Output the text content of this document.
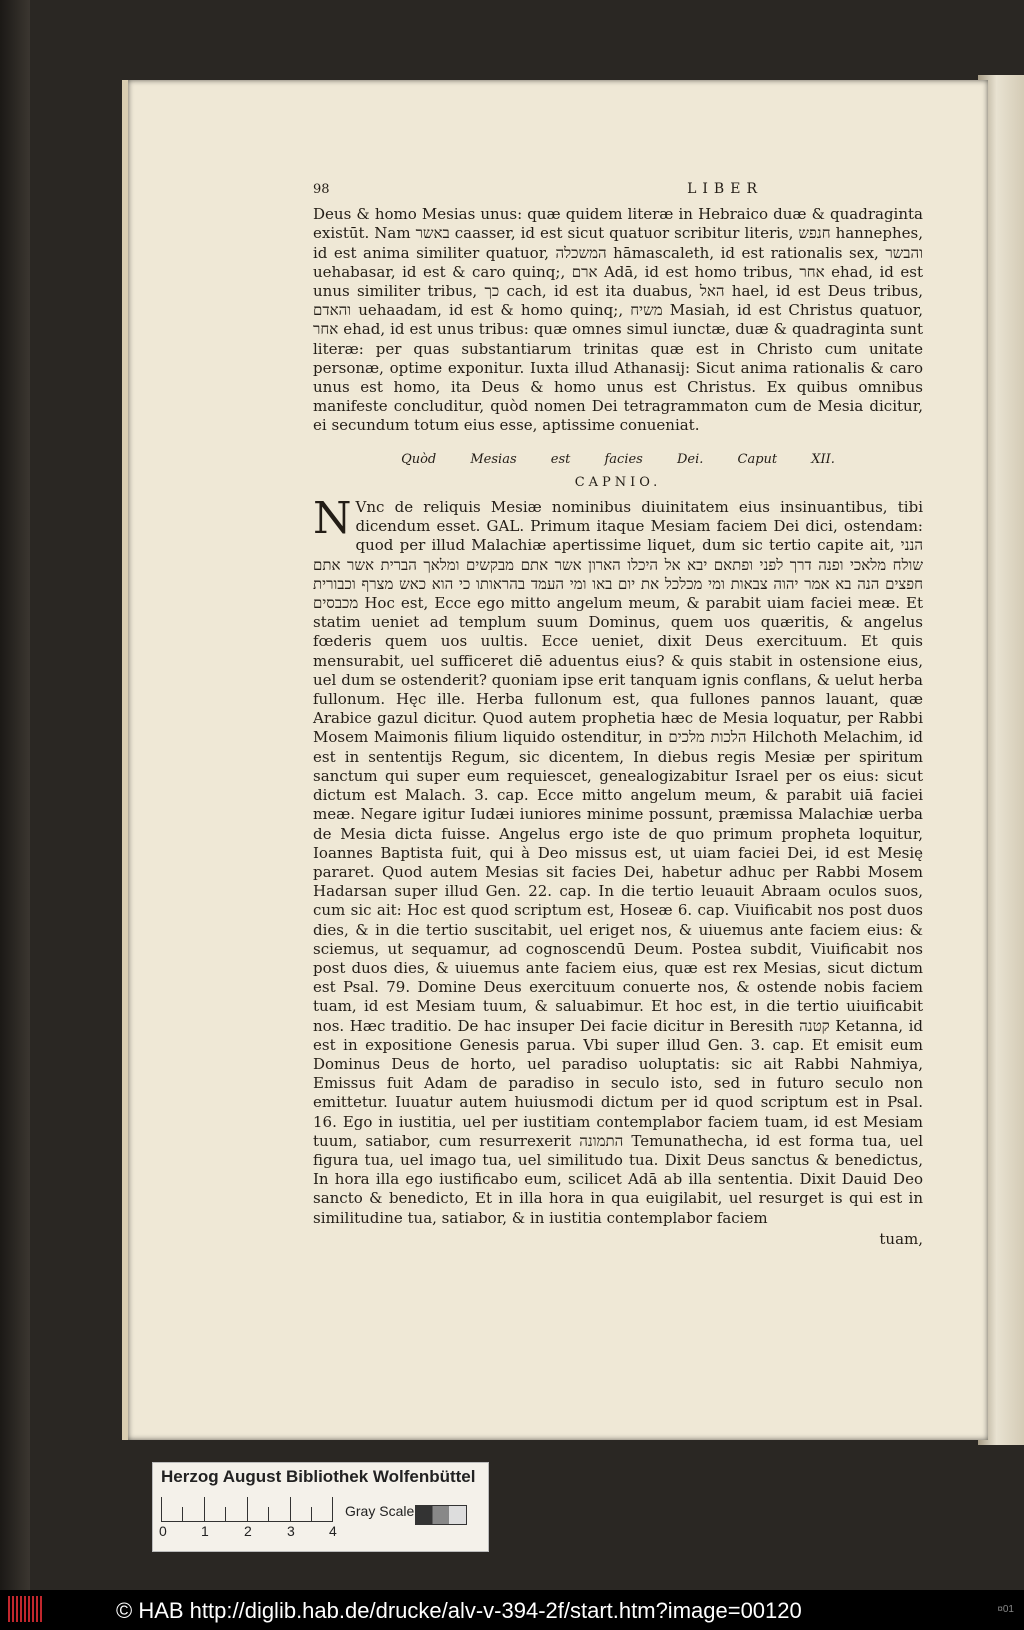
98	LIBER

Deus & homo Mesias unus: quæ quidem literæ in Hebraico duæ & quadraginta existūt. Nam באשר caasser, id est sicut quatuor scribitur literis, חנפש hannephes, id est anima similiter quatuor, המשכלה hāmascaleth, id est rationalis sex, והבשר uehabasar, id est & caro quinq;, ארם Adā, id est homo tribus, אחר ehad, id est unus similiter tribus, כך cach, id est ita duabus, האל hael, id est Deus tribus, והאדם uehaadam, id est & homo quinq;, משיח Masiah, id est Christus quatuor, אחר ehad, id est unus tribus: quæ omnes simul iunctæ, duæ & quadraginta sunt literæ: per quas substantiarum trinitas quæ est in Christo cum unitate personæ, optime exponitur. Iuxta illud Athanasij: Sicut anima rationalis & caro unus est homo, ita Deus & homo unus est Christus. Ex quibus omnibus manifeste concluditur, quòd nomen Dei tetragrammaton cum de Mesia dicitur, ei secundum totum eius esse, aptissime conueniat.

Quòd Mesias est facies Dei.	Caput XII.
CAPNIO.

N Vnc de reliquis Mesiæ nominibus diuinitatem eius insinuantibus, tibi dicendum esset. GAL. Primum itaque Mesiam faciem Dei dici, ostendam: quod per illud Malachiæ apertissime liquet, dum sic tertio capite ait, הנני שולח מלאכי ופנה דרך לפני ופתאם יבא אל היכלו הארון אשר אתם מבקשים ומלאך הברית אשר אתם חפצים הנה בא אמר יהוה צבאות ומי מכלכל את יום באו ומי העמד בהראותו כי הוא כאש מצרף וכבורית מכבסים Hoc est, Ecce ego mitto angelum meum, & parabit uiam faciei meæ. Et statim ueniet ad templum suum Dominus, quem uos quæritis, & angelus fœderis quem uos uultis. Ecce ueniet, dixit Deus exercituum. Et quis mensurabit, uel sufficeret diē aduentus eius? & quis stabit in ostensione eius, uel dum se ostenderit? quoniam ipse erit tanquam ignis conflans, & uelut herba fullonum. Hęc ille. Herba fullonum est, qua fullones pannos lauant, quæ Arabice gazul dicitur. Quod autem prophetia hæc de Mesia loquatur, per Rabbi Mosem Maimonis filium liquido ostenditur, in הלכות מלכים Hilchoth Melachim, id est in sententijs Regum, sic dicentem, In diebus regis Mesiæ per spiritum sanctum qui super eum requiescet, genealogizabitur Israel per os eius: sicut dictum est Malach. 3. cap. Ecce mitto angelum meum, & parabit uiā faciei meæ. Negare igitur Iudæi iuniores minime possunt, præmissa Malachiæ uerba de Mesia dicta fuisse. Angelus ergo iste de quo primum propheta loquitur, Ioannes Baptista fuit, qui à Deo missus est, ut uiam faciei Dei, id est Mesię pararet. Quod autem Mesias sit facies Dei, habetur adhuc per Rabbi Mosem Hadarsan super illud Gen. 22. cap. In die tertio leuauit Abraam oculos suos, cum sic ait: Hoc est quod scriptum est, Hoseæ 6. cap. Viuificabit nos post duos dies, & in die tertio suscitabit, uel eriget nos, & uiuemus ante faciem eius: & sciemus, ut sequamur, ad cognoscendū Deum. Postea subdit, Viuificabit nos post duos dies, & uiuemus ante faciem eius, quæ est rex Mesias, sicut dictum est Psal. 79. Domine Deus exercituum conuerte nos, & ostende nobis faciem tuam, id est Mesiam tuum, & saluabimur. Et hoc est, in die tertio uiuificabit nos. Hæc traditio. De hac insuper Dei facie dicitur in Beresith קטנה Ketanna, id est in expositione Genesis parua. Vbi super illud Gen. 3. cap. Et emisit eum Dominus Deus de horto, uel paradiso uoluptatis: sic ait Rabbi Nahmiya, Emissus fuit Adam de paradiso in seculo isto, sed in futuro seculo non emittetur. Iuuatur autem huiusmodi dictum per id quod scriptum est in Psal. 16. Ego in iustitia, uel per iustitiam contemplabor faciem tuam, id est Mesiam tuum, satiabor, cum resurrexerit התמונה Temunathecha, id est forma tua, uel figura tua, uel imago tua, uel similitudo tua. Dixit Deus sanctus & benedictus, In hora illa ego iustificabo eum, scilicet Adā ab illa sententia. Dixit Dauid Deo sancto & benedicto, Et in illa hora in qua euigilabit, uel resurget is qui est in similitudine tua, satiabor, & in iustitia contemplabor faciem

tuam,
Herzog August Bibliothek Wolfenbüttel
0 1	2	3 4
Gray Scale
© HAB http://diglib.hab.de/drucke/alv-v-394-2f/start.htm?image=00120	¤01
